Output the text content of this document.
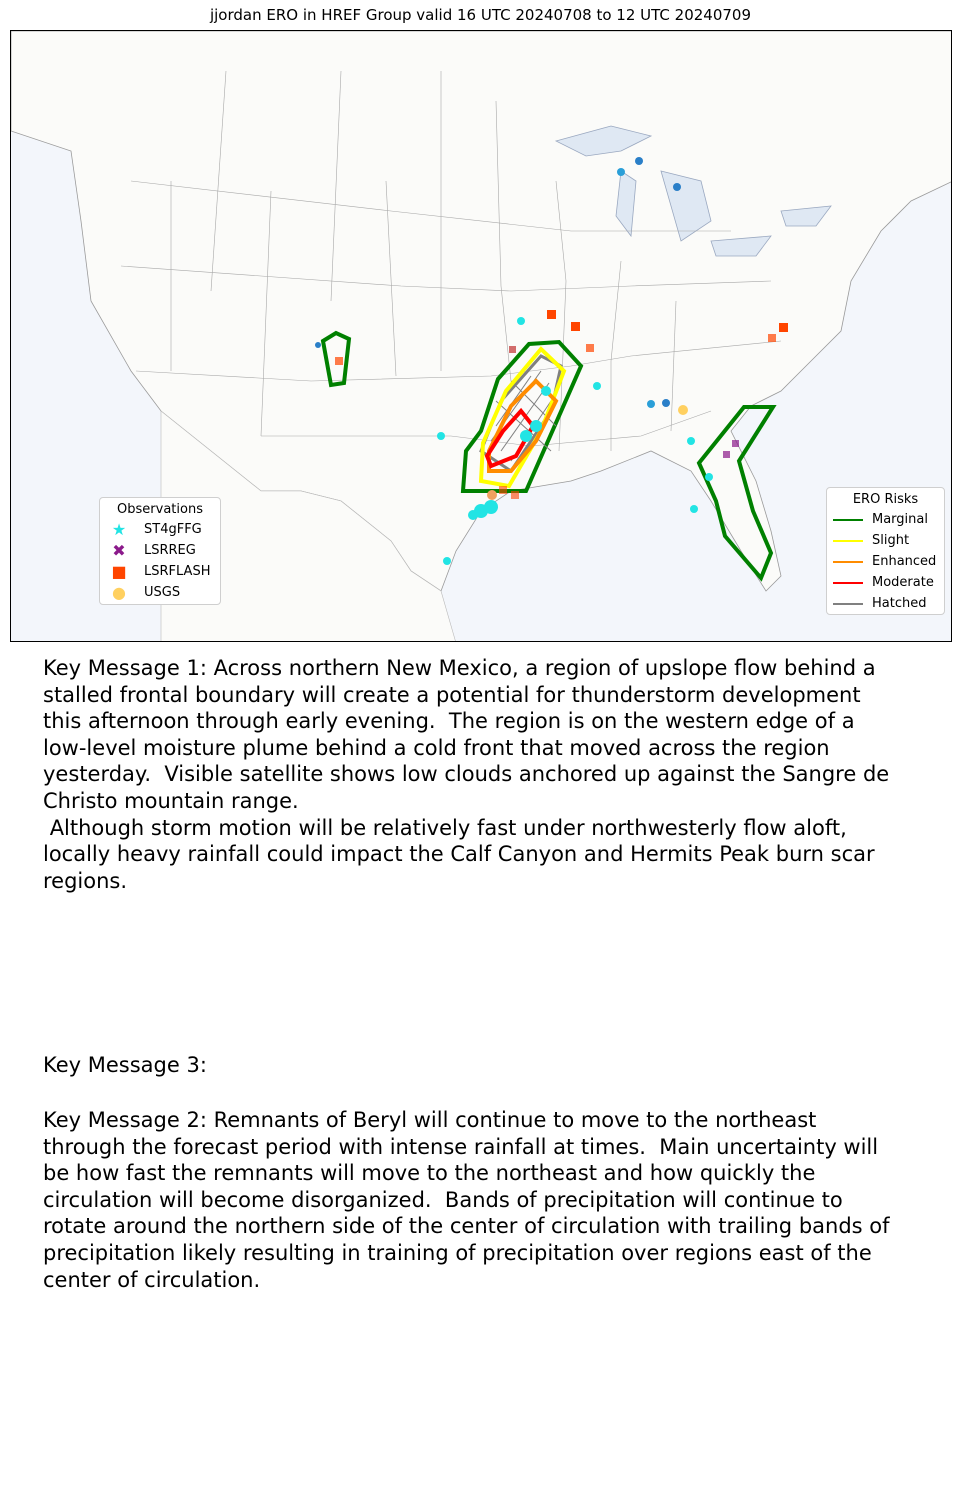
jjordan ERO in HREF Group valid 16 UTC 20240708 to 12 UTC 20240709
Observations
★	ST4gFFG
✖	LSRREG
■	LSRFLASH
●	USGS
ERO Risks
Marginal
Slight
Enhanced
Moderate
Hatched
Key Message 1: Across northern New Mexico, a region of upslope flow behind a
stalled frontal boundary will create a potential for thunderstorm development
this afternoon through early evening.  The region is on the western edge of a
low-level moisture plume behind a cold front that moved across the region
yesterday.  Visible satellite shows low clouds anchored up against the Sangre de
Christo mountain range.
Although storm motion will be relatively fast under northwesterly flow aloft,
locally heavy rainfall could impact the Calf Canyon and Hermits Peak burn scar
regions.
Key Message 3:
Key Message 2: Remnants of Beryl will continue to move to the northeast
through the forecast period with intense rainfall at times.  Main uncertainty will
be how fast the remnants will move to the northeast and how quickly the
circulation will become disorganized.  Bands of precipitation will continue to
rotate around the northern side of the center of circulation with trailing bands of
precipitation likely resulting in training of precipitation over regions east of the
center of circulation.
